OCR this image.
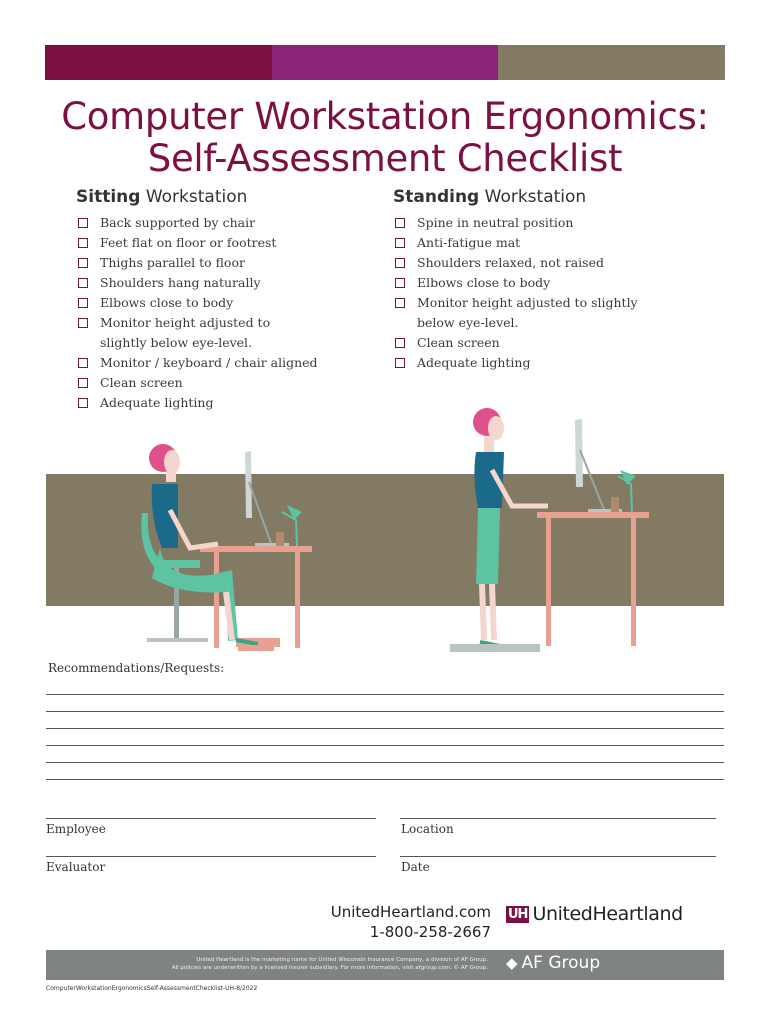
Computer Workstation Ergonomics:
Self-Assessment Checklist
Sitting Workstation	Standing Workstation
Back supported by chair
Feet flat on floor or footrest
Thighs parallel to floor
Shoulders hang naturally
Elbows close to body
Monitor height adjusted to slightly below eye-level.
Monitor / keyboard / chair aligned
Clean screen
Adequate lighting
Spine in neutral position
Anti-fatigue mat
Shoulders relaxed, not raised
Elbows close to body
Monitor height adjusted to slightly below eye-level.
Clean screen
Adequate lighting
Recommendations/Requests:
Employee	Location
Evaluator	Date
UnitedHeartland.com
1-800-258-2667
UH UnitedHeartland
United Heartland is the marketing name for United Wisconsin Insurance Company, a division of AF Group.
All policies are underwritten by a licensed insurer subsidiary. For more information, visit afgroup.com. © AF Group. ◆ AF Group
ComputerWorkstationErgonomicsSelf-AssessmentChecklist-UH-8/2022
